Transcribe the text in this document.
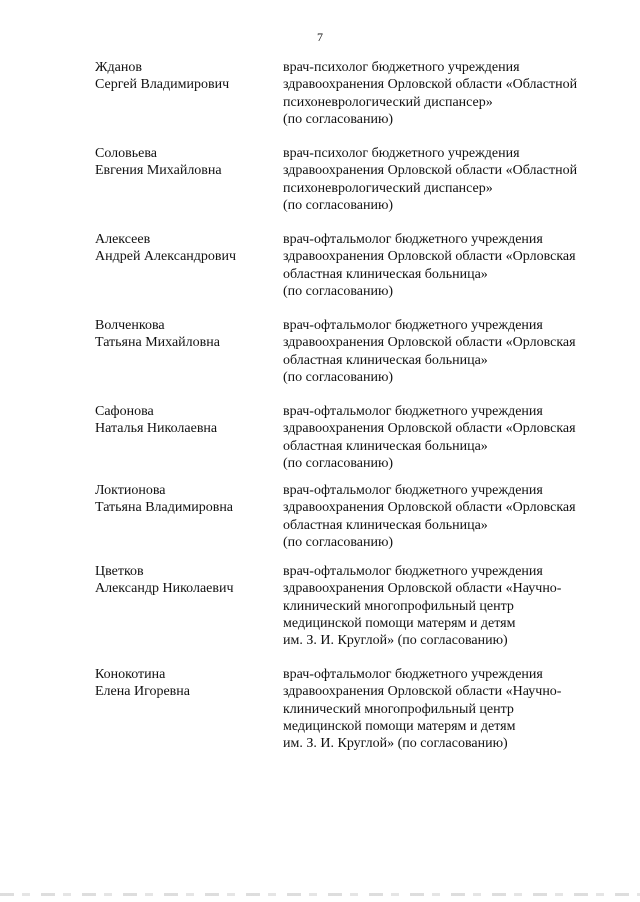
7
Жданов
Сергей Владимирович
врач-психолог бюджетного учреждения
здравоохранения Орловской области «Областной
психоневрологический диспансер»
(по согласованию)
Соловьева
Евгения Михайловна
врач-психолог бюджетного учреждения
здравоохранения Орловской области «Областной
психоневрологический диспансер»
(по согласованию)
Алексеев
Андрей Александрович
врач-офтальмолог бюджетного учреждения
здравоохранения Орловской области «Орловская
областная клиническая больница»
(по согласованию)
Волченкова
Татьяна Михайловна
врач-офтальмолог бюджетного учреждения
здравоохранения Орловской области «Орловская
областная клиническая больница»
(по согласованию)
Сафонова
Наталья Николаевна
врач-офтальмолог бюджетного учреждения
здравоохранения Орловской области «Орловская
областная клиническая больница»
(по согласованию)
Локтионова
Татьяна Владимировна
врач-офтальмолог бюджетного учреждения
здравоохранения Орловской области «Орловская
областная клиническая больница»
(по согласованию)
Цветков
Александр Николаевич
врач-офтальмолог бюджетного учреждения
здравоохранения Орловской области «Научно-
клинический многопрофильный центр
медицинской помощи матерям и детям
им. З. И. Круглой» (по согласованию)
Конокотина
Елена Игоревна
врач-офтальмолог бюджетного учреждения
здравоохранения Орловской области «Научно-
клинический многопрофильный центр
медицинской помощи матерям и детям
им. З. И. Круглой» (по согласованию)
